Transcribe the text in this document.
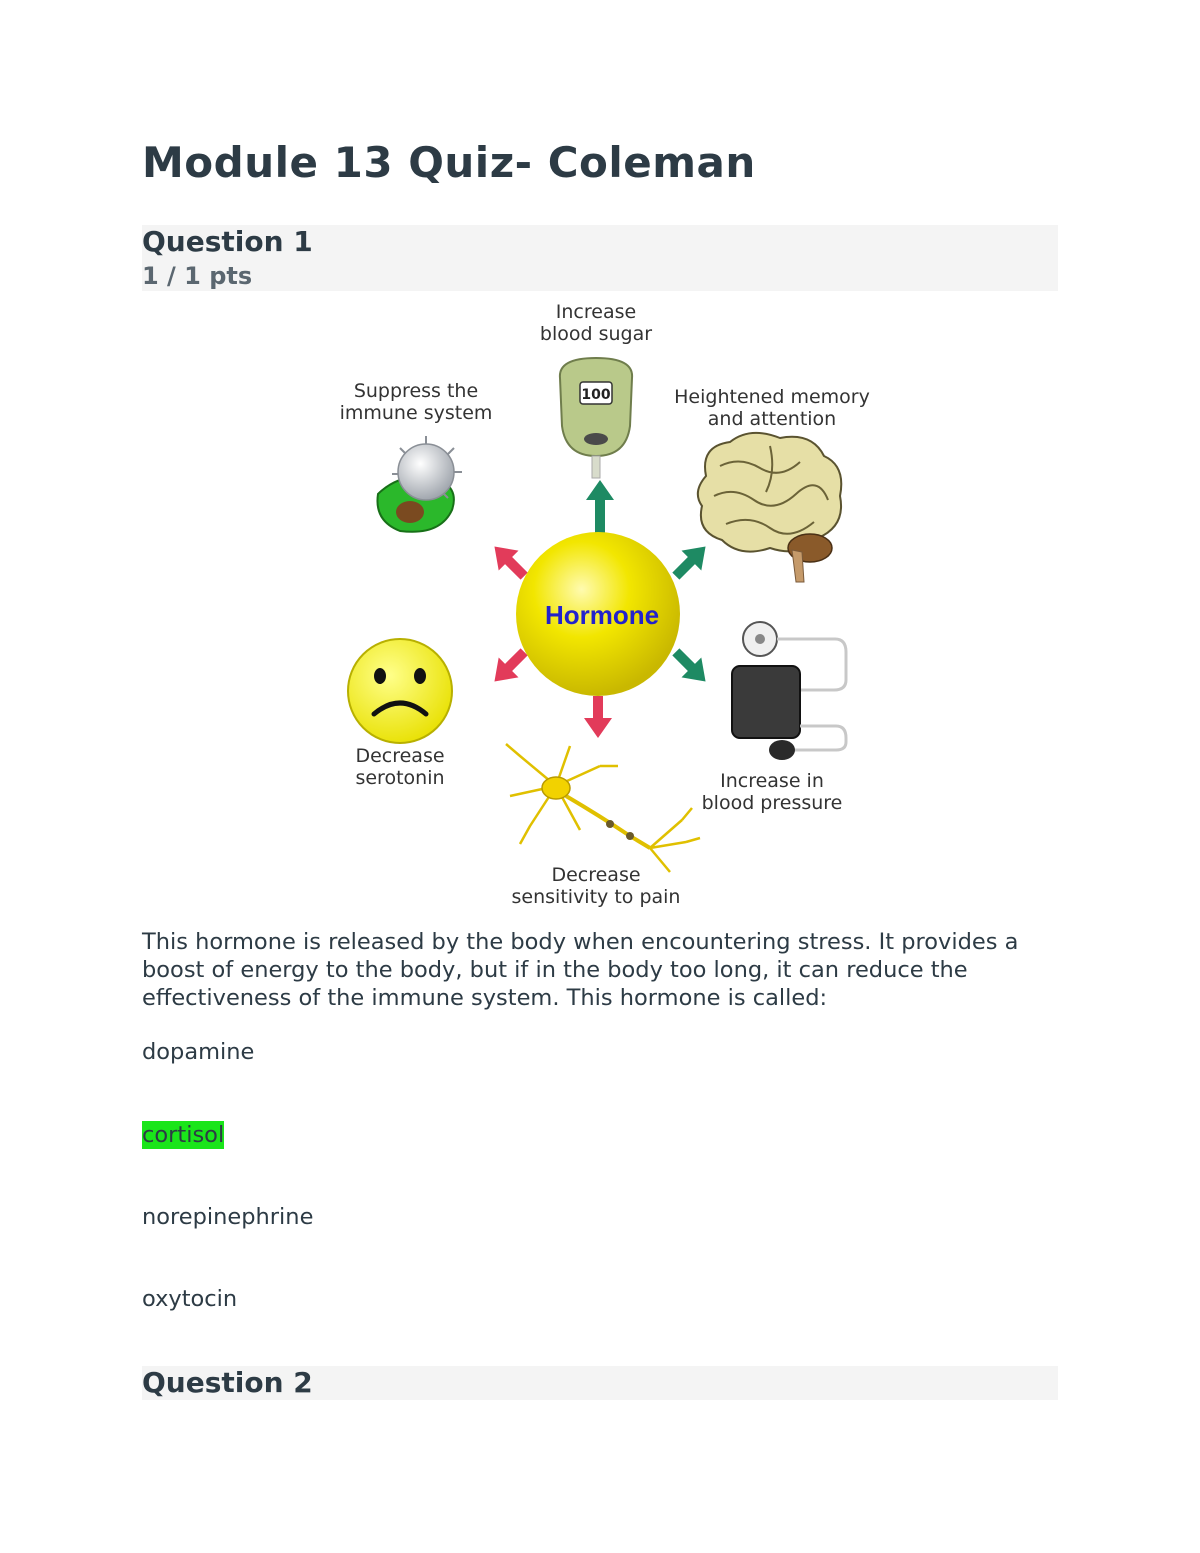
Module 13 Quiz- Coleman
Question 1
1 / 1 pts
Increase blood sugar
Suppress the immune system
Heightened memory and attention
Decrease serotonin	Increase in blood pressure
Decrease sensitivity to pain
100
Hormone

This hormone is released by the body when encountering stress. It provides a boost of energy to the body, but if in the body too long, it can reduce the effectiveness of the immune system. This hormone is called:

dopamine
cortisol
norepinephrine
oxytocin
Question 2
